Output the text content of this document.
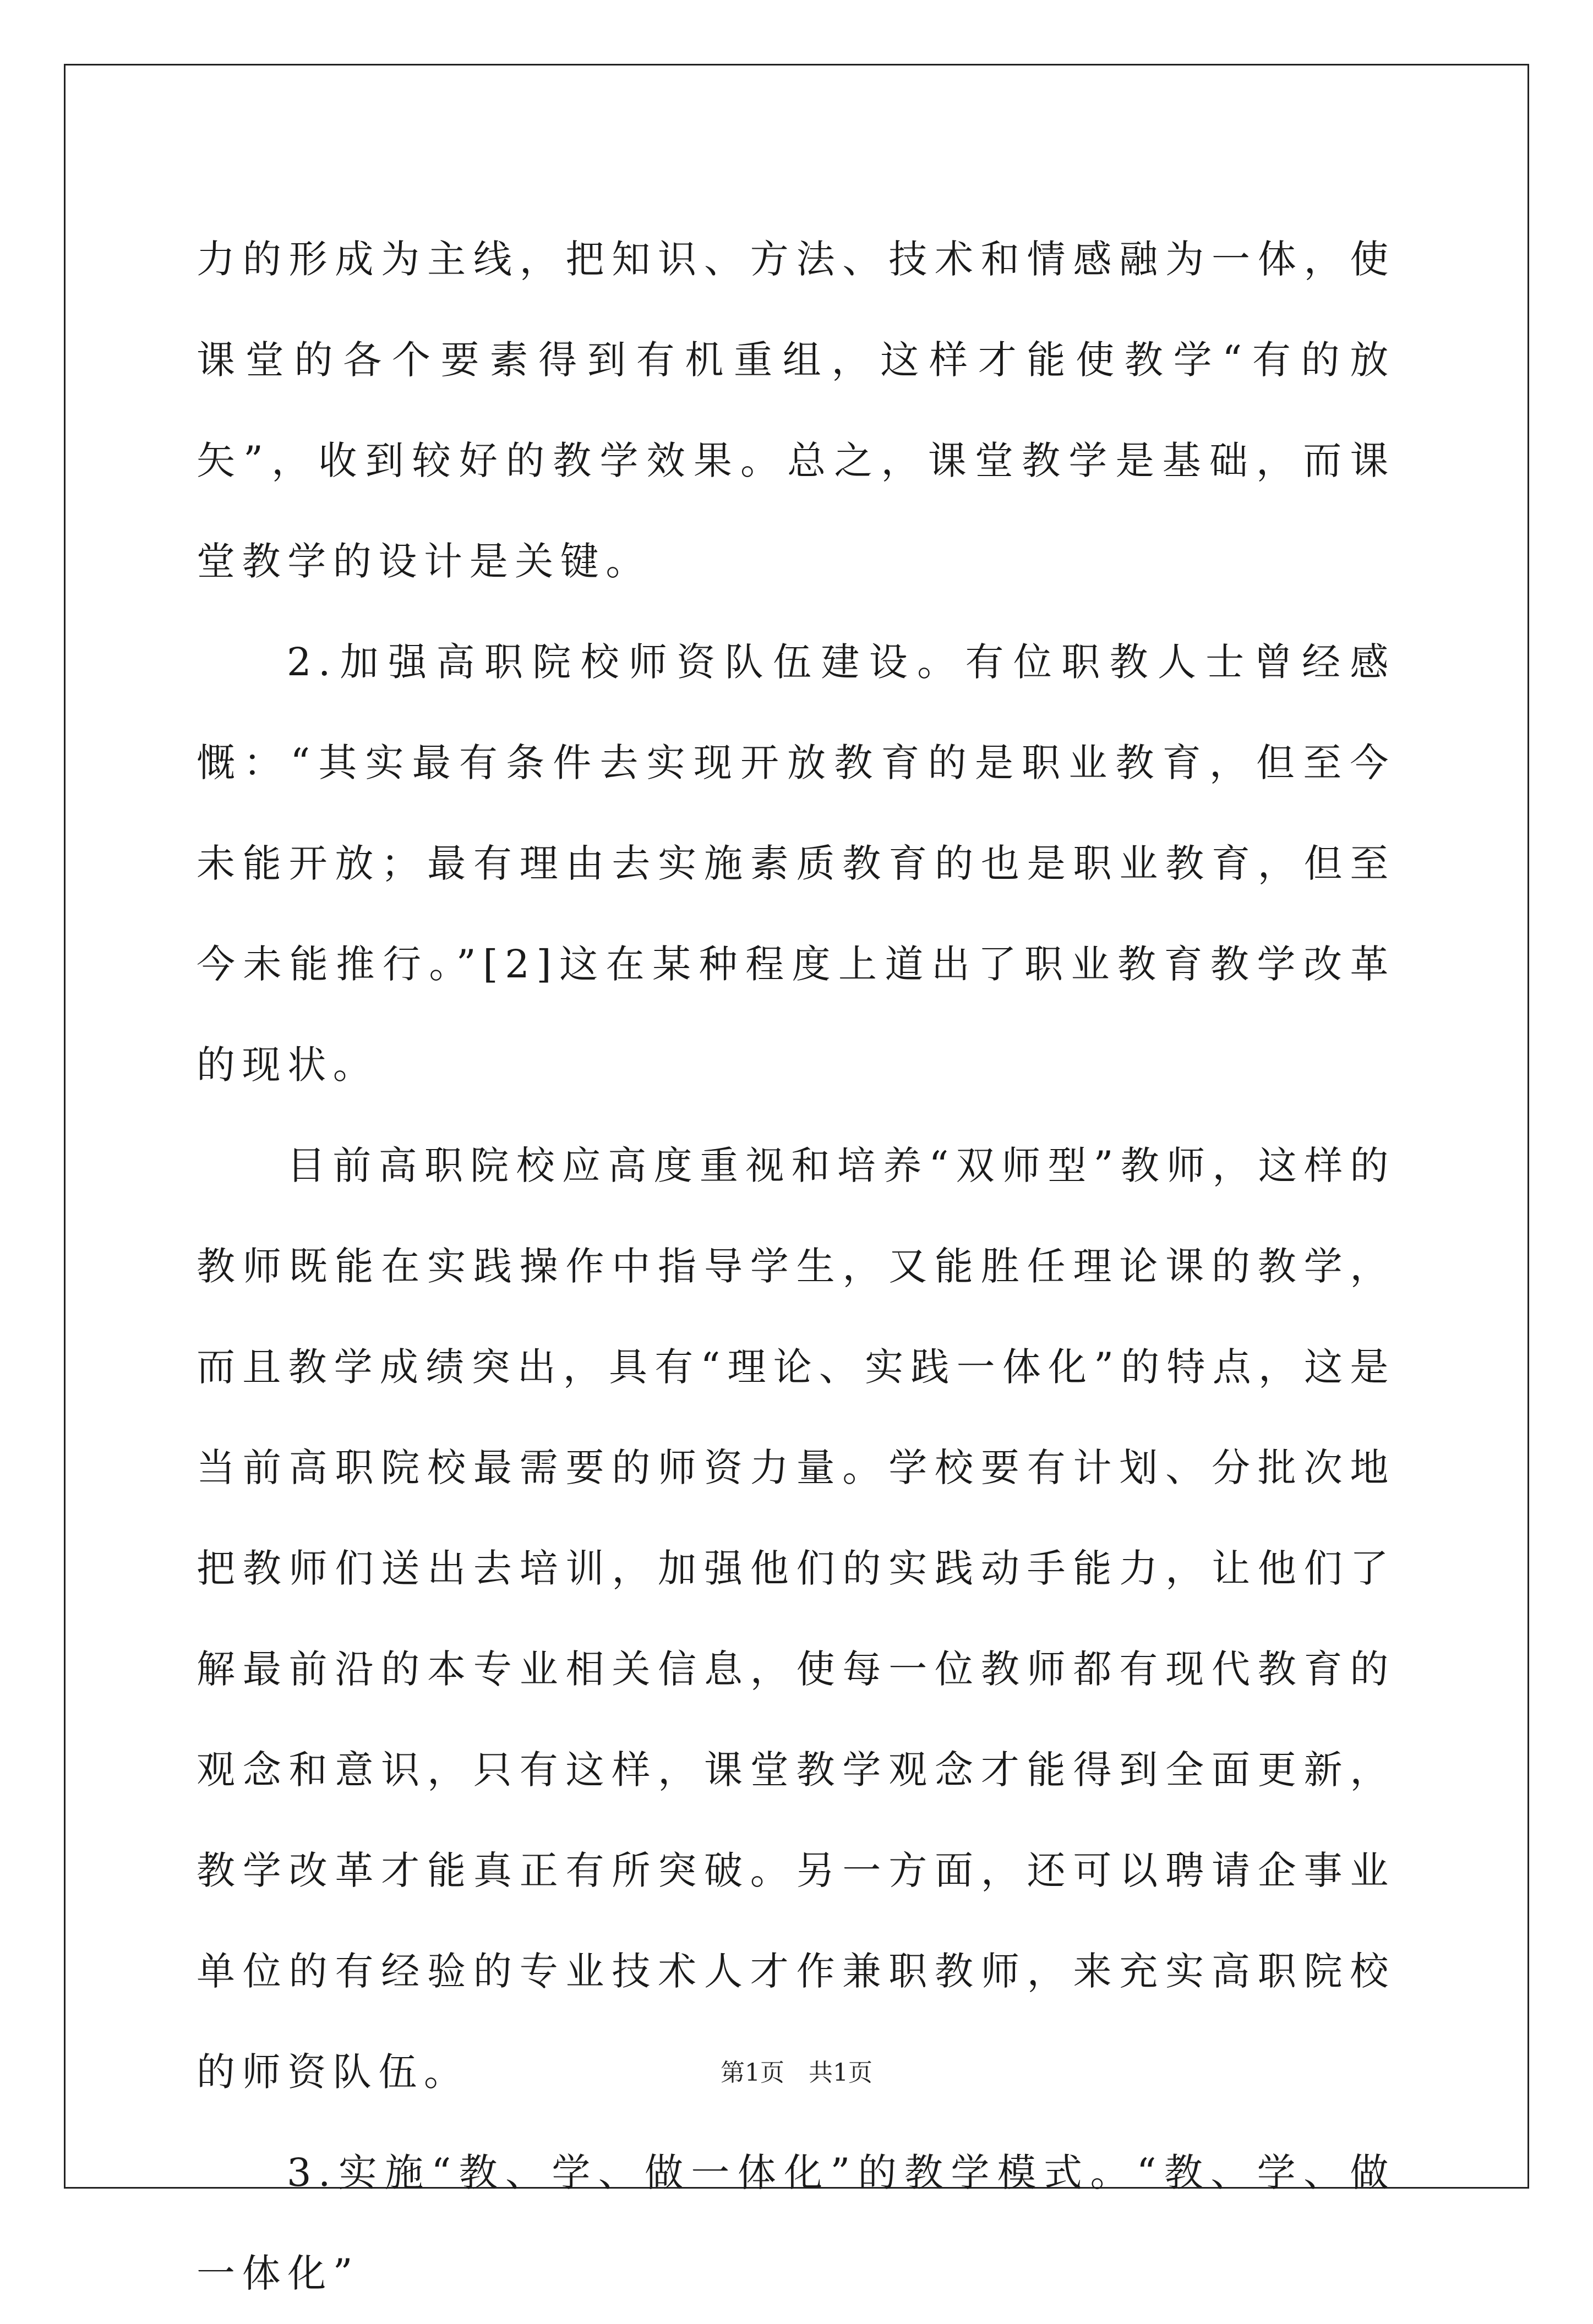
力的形成为主线，把知识、方法、技术和情感融为一体，使课堂的各个要素得到有机重组，这样才能使教学“有的放矢”，收到较好的教学效果。总之，课堂教学是基础，而课堂教学的设计是关键。

2.加强高职院校师资队伍建设。有位职教人士曾经感慨：“其实最有条件去实现开放教育的是职业教育，但至今未能开放；最有理由去实施素质教育的也是职业教育，但至今未能推行。”[2]这在某种程度上道出了职业教育教学改革的现状。

目前高职院校应高度重视和培养“双师型”教师，这样的教师既能在实践操作中指导学生，又能胜任理论课的教学，而且教学成绩突出，具有“理论、实践一体化”的特点，这是当前高职院校最需要的师资力量。学校要有计划、分批次地把教师们送出去培训，加强他们的实践动手能力，让他们了解最前沿的本专业相关信息，使每一位教师都有现代教育的观念和意识，只有这样，课堂教学观念才能得到全面更新，教学改革才能真正有所突破。另一方面，还可以聘请企事业单位的有经验的专业技术人才作兼职教师，来充实高职院校的师资队伍。

3.实施“教、学、做一体化”的教学模式。“教、学、做一体化”

第1页　共1页
